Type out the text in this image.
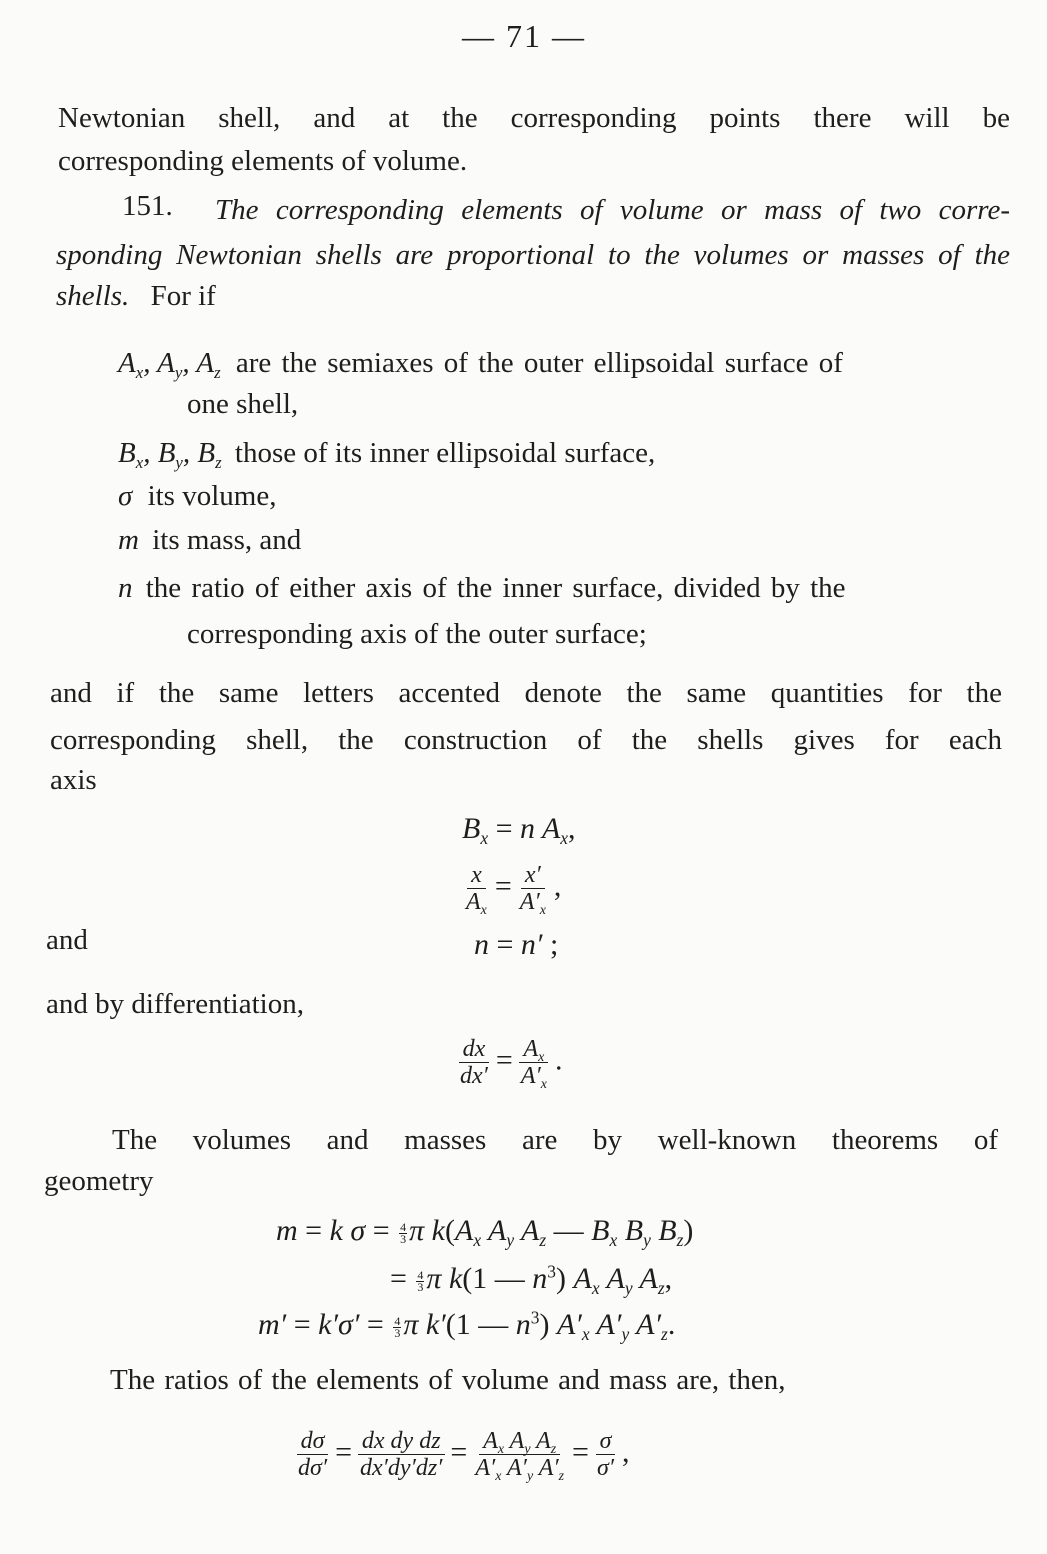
— 71 —
Newtonian shell, and at the corresponding points there will be
corresponding elements of volume.
151. The corresponding elements of volume or mass of two corre-
sponding Newtonian shells are proportional to the volumes or masses of the
shells. For if
$A_x$, $A_y$, $A_z$ are the semiaxes of the outer ellipsoidal surface of
one shell,
$B_x$, $B_y$, $B_z$ those of its inner ellipsoidal surface,
σ its volume,
m its mass, and
n the ratio of either axis of the inner surface, divided by the
corresponding axis of the outer surface;
and if the same letters accented denote the same quantities for the
corresponding shell, the construction of the shells gives for each
axis
$B_x = n$ $A_x$,
$\frac{x}{A_x} = \frac{x'}{A'_x}$ ,
and	n = n′ ;
and by differentiation,
$\frac{dx}{dx'} = \frac{A_x}{A'_x}$ .
The volumes and masses are by well-known theorems of
geometry
m = k $\sigma = \frac{4}{3}$ π $k(A_x$ $A_y$ $A_z$ — $B_x$ $B_y$ $B_z$)
= $\frac{4}{3}$ π k(1 — $n^3$) $A_x$ $A_y$ $A_z$,
$m' = k'\sigma' = \frac{4}{3}$ π k′(1 — $n^3$) $A'_x$ $A'_y$ $A'_z$.
The ratios of the elements of volume and mass are, then,
$\frac{d\sigma}{d\sigma'} = \frac{\text{dx dy dz}}{dx'dy'dz'} = \frac{A_x A_y A_z}{A'_x A'_y A'_z} = \frac{\sigma}{\sigma'}$ ,
